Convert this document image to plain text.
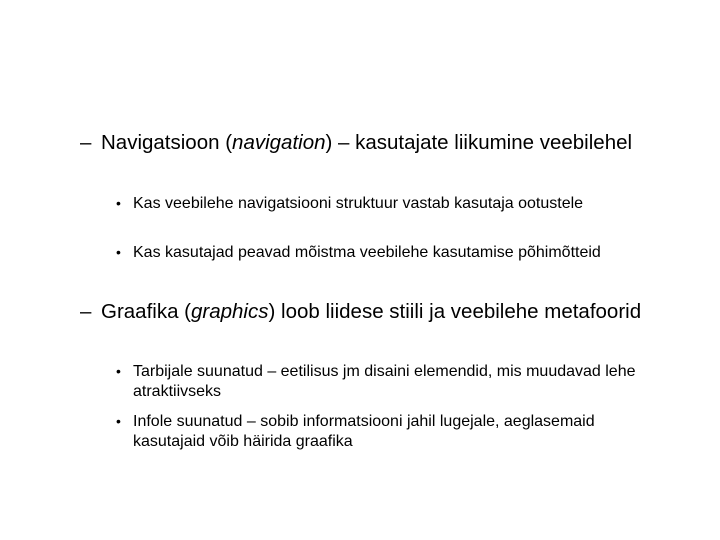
– Navigatsioon (navigation) – kasutajate liikumine veebilehel
• Kas veebilehe navigatsiooni struktuur vastab kasutaja ootustele
• Kas kasutajad peavad mõistma veebilehe kasutamise põhimõtteid
– Graafika (graphics) loob liidese stiili ja veebilehe metafoorid
• Tarbijale suunatud – eetilisus jm disaini elemendid, mis muudavad lehe atraktiivseks
• Infole suunatud – sobib informatsiooni jahil lugejale, aeglasemaid kasutajaid võib häirida graafika
